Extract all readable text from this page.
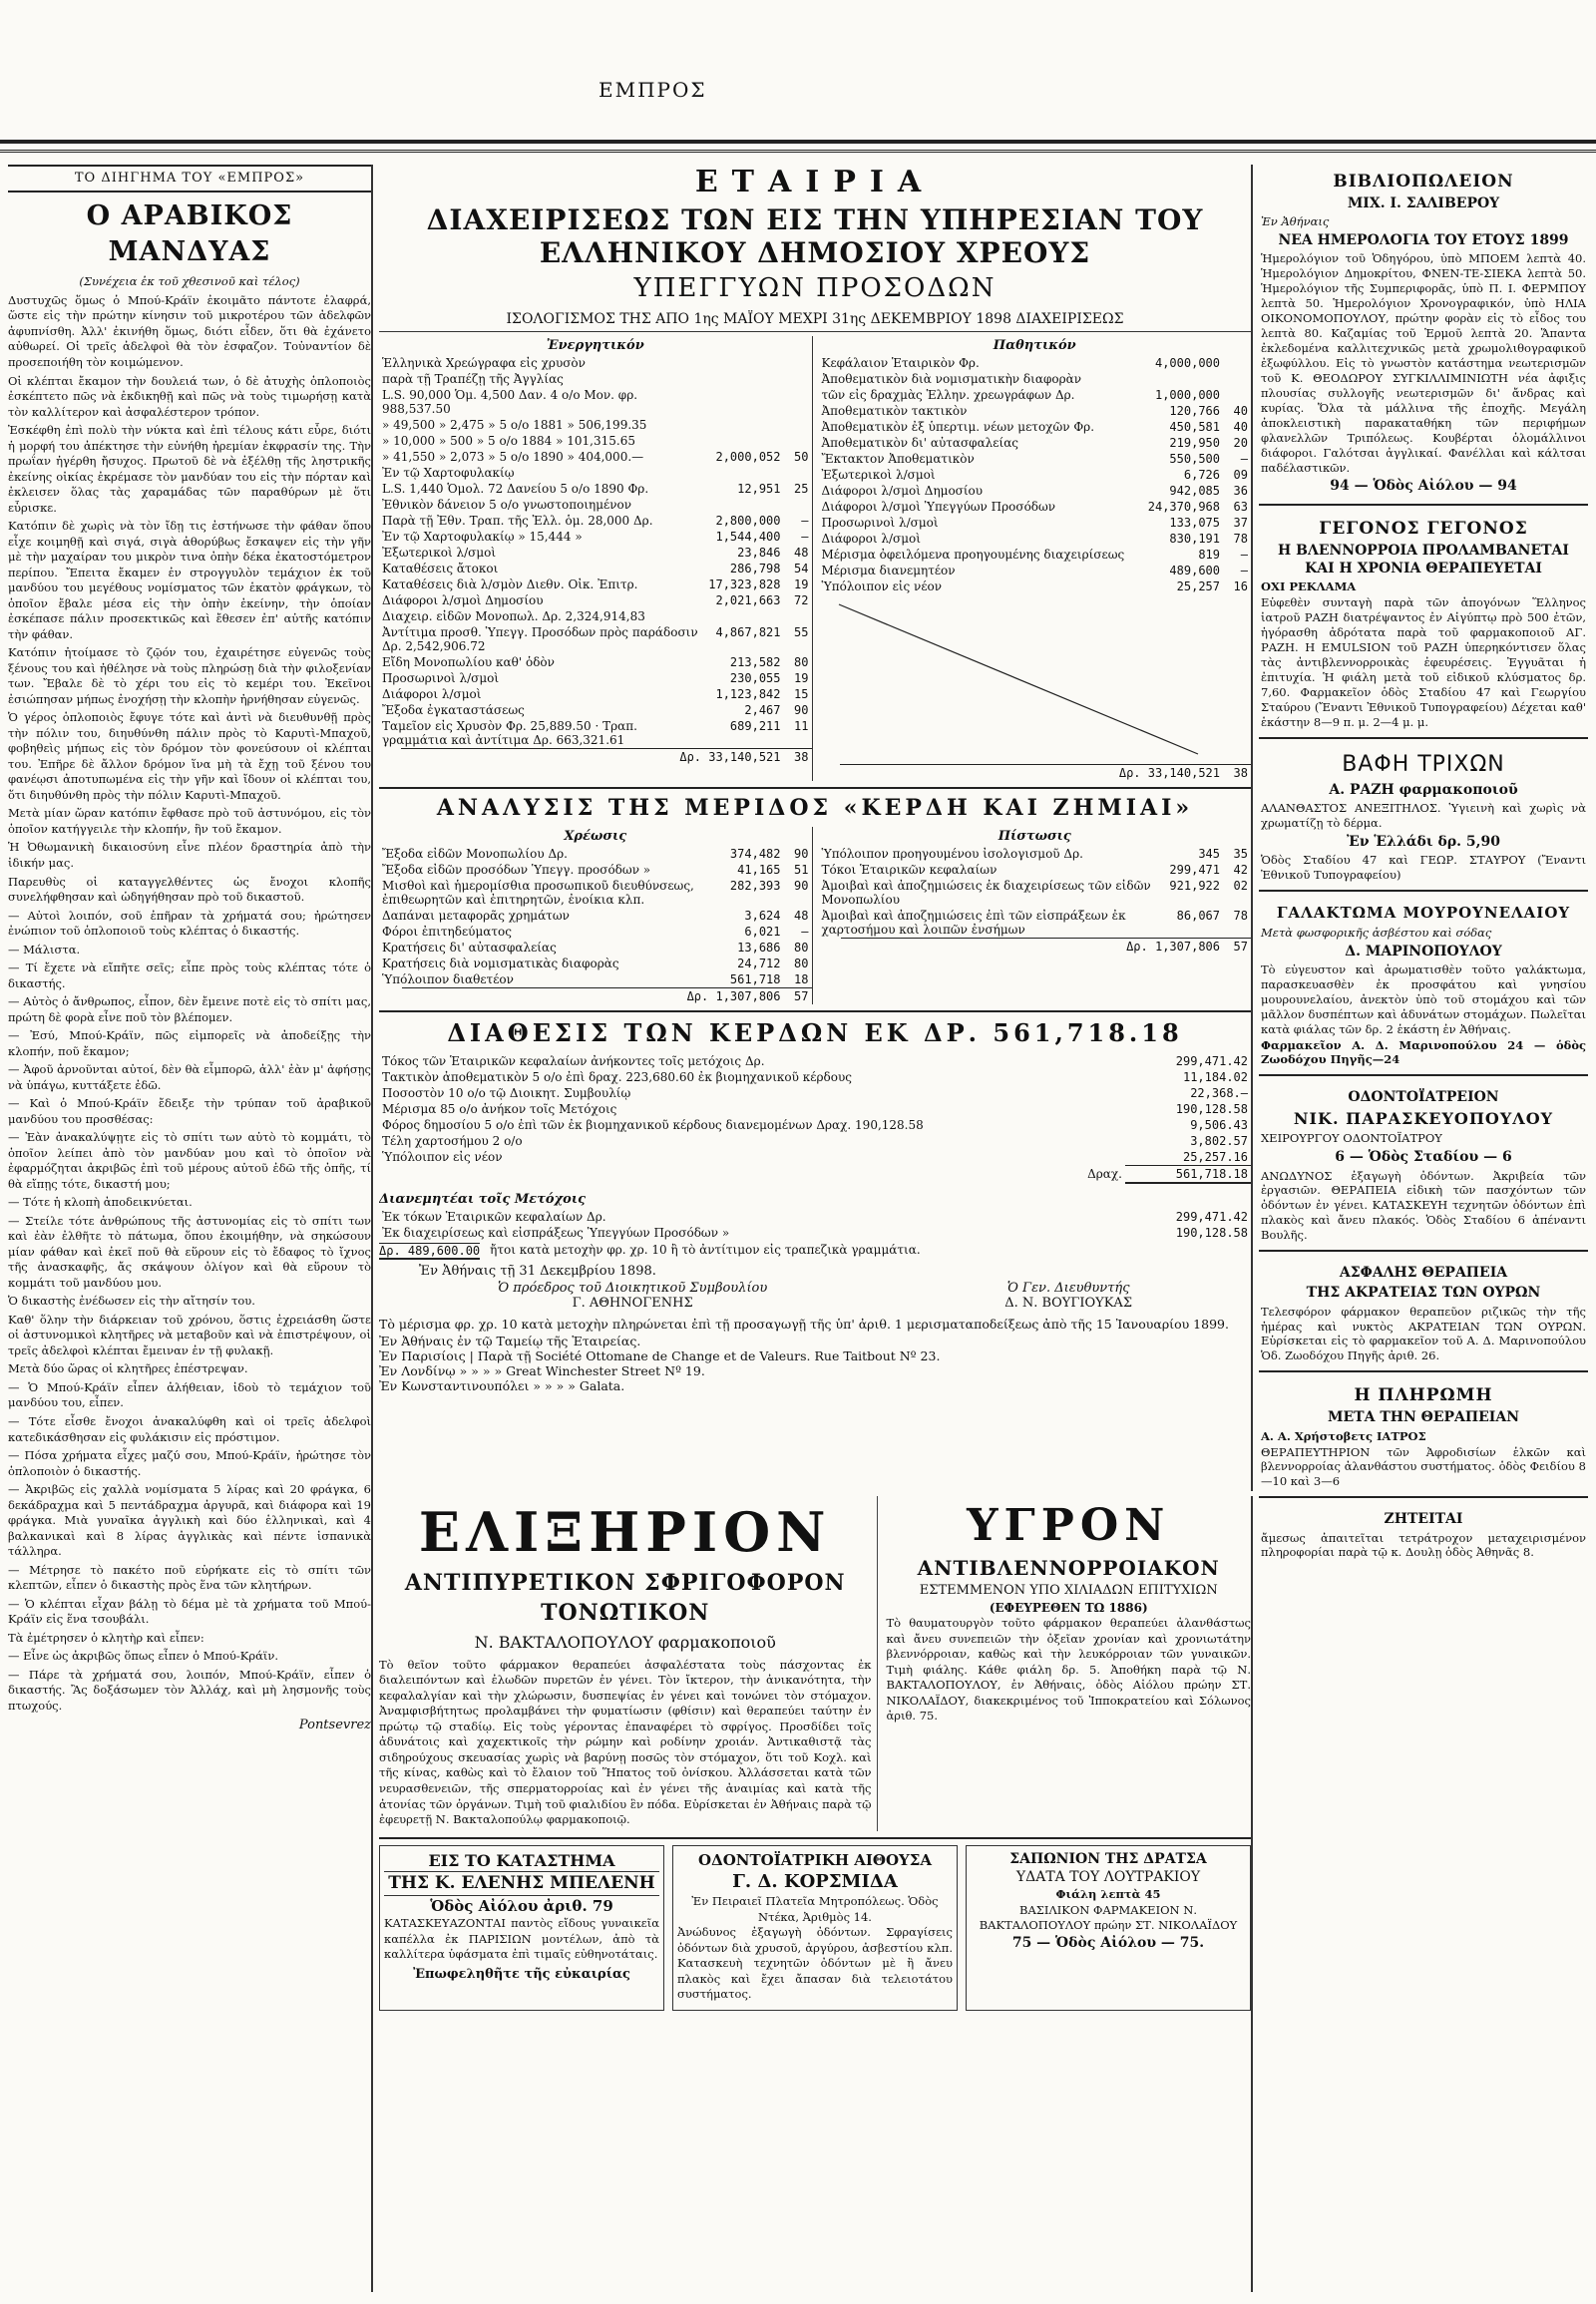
ΕΜΠΡΟΣ
ΤΟ ΔΙΗΓΗΜΑ ΤΟΥ «ΕΜΠΡΟΣ»
Ο ΑΡΑΒΙΚΟΣ ΜΑΝΔΥΑΣ

(Συνέχεια ἐκ τοῦ χθεσινοῦ καὶ τέλος)

Δυστυχῶς ὅμως ὁ Μπού-Κράϊν ἐκοιμᾶτο πάντοτε ἐλαφρά, ὥστε εἰς τὴν πρώτην κίνησιν τοῦ μικροτέρου τῶν ἀδελφῶν ἀφυπνίσθη. Ἀλλ' ἐκινήθη ὅμως, διότι εἶδεν, ὅτι θὰ ἐχάνετο αὐθωρεί. Οἱ τρεῖς ἀδελφοὶ θὰ τὸν ἐσφαζον. Τοὐναντίον δὲ προσεποιήθη τὸν κοιμώμενον.

Οἱ κλέπται ἔκαμον τὴν δουλειά των, ὁ δὲ ἀτυχὴς ὁπλοποιὸς ἐσκέπτετο πῶς νὰ ἐκδικηθῇ καὶ πῶς νὰ τοὺς τιμωρήσῃ κατὰ τὸν καλλίτερον καὶ ἀσφαλέστερον τρόπον.

Ἐσκέφθη ἐπὶ πολὺ τὴν νύκτα καὶ ἐπὶ τέλους κάτι εὗρε, διότι ἡ μορφή του ἀπέκτησε τὴν εὐνήθη ἠρεμίαν ἐκφρασίν της. Τὴν πρωΐαν ἠγέρθη ἤσυχος. Πρωτοῦ δὲ νὰ ἐξέλθῃ τῆς ληστρικῆς ἐκείνης οἰκίας ἐκρέμασε τὸν μανδύαν του εἰς τὴν πόρταν καὶ ἐκλεισεν ὅλας τὰς χαραμάδας τῶν παραθύρων μὲ ὅτι εὗρισκε.

Κατόπιν δὲ χωρὶς νὰ τὸν ἴδῃ τις ἐστήνωσε τὴν φάθαν ὅπου εἶχε κοιμηθῇ καὶ σιγά, σιγὰ ἀθορύβως ἔσκαψεν εἰς τὴν γῆν μὲ τὴν μαχαίραν του μικρὸν τινα ὀπὴν δέκα ἐκατοστόμετρον περίπου. Ἔπειτα ἔκαμεν ἐν στρογγυλὸν τεμάχιον ἐκ τοῦ μανδύου του μεγέθους νομίσματος τῶν ἑκατὸν φράγκων, τὸ ὁποῖον ἔβαλε μέσα εἰς τὴν ὀπὴν ἐκείνην, τὴν ὁποίαν ἐσκέπασε πάλιν προσεκτικῶς καὶ ἔθεσεν ἐπ' αὐτῆς κατόπιν τὴν φάθαν.

Κατόπιν ἠτοίμασε τὸ ζῷόν του, ἐχαιρέτησε εὐγενῶς τοὺς ξένους του καὶ ἠθέλησε νὰ τοὺς πληρώσῃ διὰ τὴν φιλοξενίαν των. Ἔβαλε δὲ τὸ χέρι του εἰς τὸ κεμέρι του. Ἐκεῖνοι ἐσιώπησαν μήπως ἐνοχήσῃ τὴν κλοπὴν ἠρνήθησαν εὐγενῶς.

Ὁ γέρος ὁπλοποιὸς ἔφυγε τότε καὶ ἀντὶ νὰ διευθυνθῇ πρὸς τὴν πόλιν του, διηυθύνθη πάλιν πρὸς τὸ Καρυτὶ-Μπαχοῦ, φοβηθεὶς μήπως εἰς τὸν δρόμον τὸν φονεύσουν οἱ κλέπται του. Ἐπῆρε δὲ ἄλλον δρόμον ἵνα μὴ τὰ ἔχῃ τοῦ ξένου του φανέῳσι ἀποτυπωμένα εἰς τὴν γῆν καὶ ἴδουν οἱ κλέπται του, ὅτι διηυθύνθη πρὸς τὴν πόλιν Καρυτὶ-Μπαχοῦ.

Μετὰ μίαν ὥραν κατόπιν ἔφθασε πρὸ τοῦ ἀστυνόμου, εἰς τὸν ὁποῖον κατήγγειλε τὴν κλοπήν, ἣν τοῦ ἔκαμον.

Ἡ Ὀθωμανικὴ δικαιοσύνη εἶνε πλέον δραστηρία ἀπὸ τὴν ἰδικήν μας.

Παρευθὺς οἱ καταγγελθέντες ὡς ἔνοχοι κλοπῆς συνελήφθησαν καὶ ὡδηγήθησαν πρὸ τοῦ δικαστοῦ.

— Αὐτοὶ λοιπόν, σοῦ ἐπῆραν τὰ χρήματά σου; ἠρώτησεν ἐνώπιον τοῦ ὁπλοποιοῦ τοὺς κλέπτας ὁ δικαστής.

— Μάλιστα.

— Τί ἔχετε νὰ εἴπῆτε σεῖς; εἶπε πρὸς τοὺς κλέπτας τότε ὁ δικαστής.

— Αὐτὸς ὁ ἄνθρωπος, εἶπον, δὲν ἔμεινε ποτὲ εἰς τὸ σπίτι μας, πρώτη δὲ φορὰ εἶνε ποῦ τὸν βλέπομεν.

— Ἐσύ, Μπού-Κράϊν, πῶς εἰμπορεῖς νὰ ἀποδείξῃς τὴν κλοπήν, ποῦ ἔκαμον;

— Ἀφοῦ ἀρνοῦνται αὐτοί, δὲν θὰ εἶμπορῶ, ἀλλ' ἐὰν μ' ἀφήσῃς νὰ ὑπάγω, κυττάξετε ἐδῶ.

— Καὶ ὁ Μπού-Κράϊν ἔδειξε τὴν τρύπαν τοῦ ἀραβικοῦ μανδύου του προσθέσας:

— Ἐὰν ἀνακαλύψῃτε εἰς τὸ σπίτι των αὐτὸ τὸ κομμάτι, τὸ ὁποῖον λείπει ἀπὸ τὸν μανδύαν μου καὶ τὸ ὁποῖον νὰ ἐφαρμόζηται ἀκριβῶς ἐπὶ τοῦ μέρους αὐτοῦ ἐδῶ τῆς ὀπῆς, τί θὰ εἴπῃς τότε, δικαστή μου;

— Τότε ἡ κλοπὴ ἀποδεικνύεται.

— Στείλε τότε ἀνθρώπους τῆς ἀστυνομίας εἰς τὸ σπίτι των καὶ ἐὰν ἐλθῆτε τὸ πάτωμα, ὅπου ἐκοιμήθην, νὰ σηκώσουν μίαν φάθαν καὶ ἐκεῖ ποῦ θὰ εὕρουν εἰς τὸ ἔδαφος τὸ ἴχνος τῆς ἀνασκαφῆς, ἄς σκάψουν ὀλίγον καὶ θὰ εὕρουν τὸ κομμάτι τοῦ μανδύου μου.

Ὁ δικαστὴς ἐνέδωσεν εἰς τὴν αἴτησίν του.

Καθ' ὅλην τὴν διάρκειαν τοῦ χρόνου, ὅστις ἐχρειάσθη ὥστε οἱ ἀστυνομικοὶ κλητῆρες νὰ μεταβοῦν καὶ νὰ ἐπιστρέψουν, οἱ τρεῖς ἀδελφοὶ κλέπται ἔμειναν ἐν τῇ φυλακῇ.

Μετὰ δύο ὥρας οἱ κλητῆρες ἐπέστρεψαν.

— Ὁ Μπού-Κράϊν εἶπεν ἀλήθειαν, ἰδοὺ τὸ τεμάχιον τοῦ μανδύου του, εἶπεν.

— Τότε εἶσθε ἔνοχοι ἀνακαλύφθη καὶ οἱ τρεῖς ἀδελφοὶ κατεδικάσθησαν εἰς φυλάκισιν εἰς πρόστιμον.

— Πόσα χρήματα εἶχες μαζύ σου, Μπού-Κράϊν, ἠρώτησε τὸν ὁπλοποιὸν ὁ δικαστής.

— Ἀκριβῶς εἰς χαλλὰ νομίσματα 5 λίρας καὶ 20 φράγκα, 6 δεκάδραχμα καὶ 5 πεντάδραχμα ἀργυρᾶ, καὶ διάφορα καὶ 19 φράγκα. Μιὰ γυναῖκα ἀγγλικὴ καὶ δύο ἑλληνικαὶ, καὶ 4 βαλκανικαὶ καὶ 8 λίρας ἀγγλικὰς καὶ πέντε ἰσπανικὰ τάλληρα.

— Μέτρησε τὸ πακέτο ποῦ εὑρήκατε εἰς τὸ σπίτι τῶν κλεπτῶν, εἶπεν ὁ δικαστὴς πρὸς ἕνα τῶν κλητήρων.

— Ὁ κλέπται εἶχαν βάλῃ τὸ δέμα μὲ τὰ χρήματα τοῦ Μπού-Κράϊν εἰς ἕνα τσουβάλι.

Τὰ ἐμέτρησεν ὁ κλητὴρ καὶ εἶπεν:

— Εἶνε ὡς ἀκριβῶς ὅπως εἶπεν ὁ Μπού-Κράϊν.

— Πάρε τὰ χρήματά σου, λοιπόν, Μπού-Κράϊν, εἶπεν ὁ δικαστής. Ἂς δοξάσωμεν τὸν Ἀλλάχ, καὶ μὴ λησμονῆς τοὺς πτωχούς.

Pontsevrez

ΕΤΑΙΡΙΑ
ΔΙΑΧΕΙΡΙΣΕΩΣ ΤΩΝ ΕΙΣ ΤΗΝ ΥΠΗΡΕΣΙΑΝ ΤΟΥ ΕΛΛΗΝΙΚΟΥ ΔΗΜΟΣΙΟΥ ΧΡΕΟΥΣ
ΥΠΕΓΓΥΩΝ ΠΡΟΣΟΔΩΝ
ΙΣΟΛΟΓΙΣΜΟΣ ΤΗΣ ΑΠΟ 1ης ΜΑΪΟΥ ΜΕΧΡΙ 31ης ΔΕΚΕΜΒΡΙΟΥ 1898 ΔΙΑΧΕΙΡΙΣΕΩΣ
Ἐνεργητικόν
Ἑλληνικὰ Χρεώγραφα εἰς χρυσὸν		
παρὰ τῇ Τραπέζῃ τῆς Ἀγγλίας		
L.S. 90,000 Ὁμ. 4,500 Δαν. 4 ο/ο Μον. φρ. 988,537.50		
» 49,500 » 2,475 » 5 ο/ο 1881 » 506,199.35		
» 10,000 » 500 » 5 ο/ο 1884 » 101,315.65		
» 41,550 » 2,073 » 5 ο/ο 1890 » 404,000.—	2,000,052	50
Ἐν τῷ Χαρτοφυλακίῳ		
L.S. 1,440 Ὁμολ. 72 Δανείου 5 ο/ο 1890 Φρ.	12,951	25
Ἐθνικὸν δάνειον 5 ο/ο γνωστοποιημένον		
Παρὰ τῇ Ἐθν. Τραπ. τῆς Ἑλλ. ὁμ. 28,000 Δρ.	2,800,000	—
Ἐν τῷ Χαρτοφυλακίῳ » 15,444 »	1,544,400	—
Ἐξωτερικοὶ λ/σμοὶ	23,846	48
Καταθέσεις ἄτοκοι	286,798	54
Καταθέσεις διὰ λ/σμὸν Διεθν. Οἰκ. Ἐπιτρ.	17,323,828	19
Διάφοροι λ/σμοὶ Δημοσίου	2,021,663	72
Διαχειρ. εἰδῶν Μονοπωλ. Δρ. 2,324,914,83		
Ἀντίτιμα προσθ. Ὑπεγγ. Προσόδων πρὸς παράδοσιν Δρ. 2,542,906.72	4,867,821	55
Εἴδη Μονοπωλίου καθ' ὁδὸν	213,582	80
Προσωρινοὶ λ/σμοὶ	230,055	19
Διάφοροι λ/σμοὶ	1,123,842	15
Ἔξοδα ἐγκαταστάσεως	2,467	90
Ταμεῖον εἰς Χρυσὸν Φρ. 25,889.50 · Τραπ. γραμμάτια καὶ ἀντίτιμα Δρ. 663,321.61	689,211	11
	Δρ. 33,140,521	38
Παθητικόν
Κεφάλαιον Ἑταιρικὸν Φρ.	4,000,000	
Ἀποθεματικὸν διὰ νομισματικὴν διαφορὰν		
τῶν εἰς δραχμὰς Ἑλλην. χρεωγράφων Δρ.	1,000,000	
Ἀποθεματικὸν τακτικὸν	120,766	40
Ἀποθεματικὸν ἐξ ὑπερτιμ. νέων μετοχῶν Φρ.	450,581	40
Ἀποθεματικὸν δι' αὐτασφαλείας	219,950	20
Ἔκτακτον Ἀποθεματικὸν	550,500	—
Ἐξωτερικοὶ λ/σμοὶ	6,726	09
Διάφοροι λ/σμοὶ Δημοσίου	942,085	36
Διάφοροι λ/σμοὶ Ὑπεγγύων Προσόδων	24,370,968	63
Προσωρινοὶ λ/σμοὶ	133,075	37
Διάφοροι λ/σμοὶ	830,191	78
Μέρισμα ὀφειλόμενα προηγουμένης διαχειρίσεως	819	—
Μέρισμα διανεμητέον	489,600	—
Ὑπόλοιπον εἰς νέον	25,257	16
	Δρ. 33,140,521	38
ΑΝΑΛΥΣΙΣ ΤΗΣ ΜΕΡΙΔΟΣ «ΚΕΡΔΗ ΚΑΙ ΖΗΜΙΑΙ»
Χρέωσις
Ἔξοδα εἰδῶν Μονοπωλίου Δρ.	374,482	90
Ἔξοδα εἰδῶν προσόδων Ὑπεγγ. προσόδων »	41,165	51
Μισθοὶ καὶ ἡμερομίσθια προσωπικοῦ διευθύνσεως, ἐπιθεωρητῶν καὶ ἐπιτηρητῶν, ἐνοίκια κλπ.	282,393	90
Δαπάναι μεταφορᾶς χρημάτων	3,624	48
Φόροι ἐπιτηδεύματος	6,021	—
Κρατήσεις δι' αὐτασφαλείας	13,686	80
Κρατήσεις διὰ νομισματικὰς διαφορὰς	24,712	80
Ὑπόλοιπον διαθετέον	561,718	18
	Δρ. 1,307,806	57
Πίστωσις
Ὑπόλοιπον προηγουμένου ἰσολογισμοῦ Δρ.	345	35
Τόκοι Ἑταιρικῶν κεφαλαίων	299,471	42
Ἀμοιβαὶ καὶ ἀποζημιώσεις ἐκ διαχειρίσεως τῶν εἰδῶν Μονοπωλίου	921,922	02
Ἀμοιβαὶ καὶ ἀποζημιώσεις ἐπὶ τῶν εἰσπράξεων ἐκ χαρτοσήμου καὶ λοιπῶν ἐνσήμων	86,067	78
	Δρ. 1,307,806	57
ΔΙΑΘΕΣΙΣ ΤΩΝ ΚΕΡΔΩΝ ΕΚ ΔΡ. 561,718.18
Τόκος τῶν Ἑταιρικῶν κεφαλαίων ἀνήκοντες τοῖς μετόχοις Δρ.	299,471.42
Τακτικὸν ἀποθεματικὸν 5 ο/ο ἐπὶ δραχ. 223,680.60 ἐκ βιομηχανικοῦ κέρδους	11,184.02
Ποσοστὸν 10 ο/ο τῷ Διοικητ. Συμβουλίῳ	22,368.—
Μέρισμα 85 ο/ο ἀνήκον τοῖς Μετόχοις	190,128.58
Φόρος δημοσίου 5 ο/ο ἐπὶ τῶν ἐκ βιομηχανικοῦ κέρδους διανεμομένων Δραχ. 190,128.58	9,506.43
Τέλη χαρτοσήμου 2 ο/ο	3,802.57
Ὑπόλοιπον εἰς νέον	25,257.16
Δραχ.	561,718.18
Διανεμητέαι τοῖς Μετόχοις
Ἐκ τόκων Ἑταιρικῶν κεφαλαίων Δρ.	299,471.42
Ἐκ διαχειρίσεως καὶ εἰσπράξεως Ὑπεγγύων Προσόδων »	190,128.58
Δρ. 489,600.00 ἤτοι κατὰ μετοχὴν φρ. χρ. 10 ἢ τὸ ἀντίτιμον εἰς τραπεζικὰ γραμμάτια.
Ἐν Ἀθήναις τῇ 31 Δεκεμβρίου 1898.
Ὁ πρόεδρος τοῦ Διοικητικοῦ Συμβουλίου
Γ. ΑΘΗΝΟΓΕΝΗΣ
Ὁ Γεν. Διευθυντής
Δ. Ν. ΒΟΥΓΙΟΥΚΑΣ

Τὸ μέρισμα φρ. χρ. 10 κατὰ μετοχὴν πληρώνεται ἐπὶ τῇ προσαγωγῇ τῆς ὑπ' ἀριθ. 1 μερισματαποδείξεως ἀπὸ τῆς 15 Ἰανουαρίου 1899.

Ἐν Ἀθήναις ἐν τῷ Ταμείῳ τῆς Ἑταιρείας.
Ἐν Παρισίοις | Παρὰ τῇ Société Ottomane de Change et de Valeurs. Rue Taitbout Nº 23.
Ἐν Λονδίνῳ » » » » Great Winchester Street Nº 19.
Ἐν Κωνσταντινουπόλει » » » » Galata.
ΕΛΙΞΗΡΙΟΝ
ΑΝΤΙΠΥΡΕΤΙΚΟΝ ΣΦΡΙΓΟΦΟΡΟΝ ΤΟΝΩΤΙΚΟΝ
Ν. ΒΑΚΤΑΛΟΠΟΥΛΟΥ φαρμακοποιοῦ

Τὸ θεῖον τοῦτο φάρμακον θεραπεύει ἀσφαλέστατα τοὺς πάσχοντας ἐκ διαλειπόντων καὶ ἐλωδῶν πυρετῶν ἐν γένει. Τὸν ἴκτερον, τὴν ἀνικανότητα, τὴν κεφαλαλγίαν καὶ τὴν χλώρωσιν, δυσπεψίας ἐν γένει καὶ τονώνει τὸν στόμαχον. Ἀναμφισβήτητως προλαμβάνει τὴν φυματίωσιν (φθίσιν) καὶ θεραπεύει ταύτην ἐν πρώτῳ τῷ σταδίῳ. Εἰς τοὺς γέροντας ἐπαναφέρει τὸ σφρίγος. Προσδίδει τοῖς ἀδυνάτοις καὶ χαχεκτικοῖς τὴν ρώμην καὶ ροδίνην χροιάν. Ἀντικαθιστᾷ τὰς σιδηρούχους σκευασίας χωρὶς νὰ βαρύνῃ ποσῶς τὸν στόμαχον, ὅτι τοῦ Κοχλ. καὶ τῆς κίνας, καθὼς καὶ τὸ ἔλαιον τοῦ Ἥπατος τοῦ ὀνίσκου. Ἀλλάσσεται κατὰ τῶν νευρασθενειῶν, τῆς σπερματορροίας καὶ ἐν γένει τῆς ἀναιμίας καὶ κατὰ τῆς ἀτονίας τῶν ὀργάνων. Τιμὴ τοῦ φιαλιδίου ἓν πόδα. Εὑρίσκεται ἐν Ἀθήναις παρὰ τῷ ἐφευρετῇ Ν. Βακταλοπούλῳ φαρμακοποιῷ.

ΥΓΡΟΝ
ΑΝΤΙΒΛΕΝΝΟΡΡΟΙΑΚΟΝ
ΕΣΤΕΜΜΕΝΟΝ ΥΠΟ ΧΙΛΙΑΔΩΝ ΕΠΙΤΥΧΙΩΝ
(ΕΦΕΥΡΕΘΕΝ ΤΩ 1886)

Τὸ θαυματουργὸν τοῦτο φάρμακον θεραπεύει ἀλανθάστως καὶ ἄνευ συνεπειῶν τὴν ὀξεῖαν χρονίαν καὶ χρονιωτάτην βλεννόρροιαν, καθὼς καὶ τὴν λευκόρροιαν τῶν γυναικῶν. Τιμὴ φιάλης. Κάθε φιάλη δρ. 5. Ἀποθήκη παρὰ τῷ Ν. ΒΑΚΤΑΛΟΠΟΥΛΟΥ, ἐν Ἀθήναις, ὁδὸς Αἰόλου πρώην ΣΤ. ΝΙΚΟΛΑΪΔΟΥ, διακεκριμένος τοῦ Ἰπποκρατείου καὶ Σόλωνος ἀριθ. 75.

ΕΙΣ ΤΟ ΚΑΤΑΣΤΗΜΑ
ΤΗΣ Κ. ΕΛΕΝΗΣ ΜΠΕΛΕΝΗ
Ὁδὸς Αἰόλου ἀριθ. 79

ΚΑΤΑΣΚΕΥΑΖΟΝΤΑΙ παντὸς εἴδους γυναικεῖα καπέλλα ἐκ ΠΑΡΙΣΙΩΝ μοντέλων, ἀπὸ τὰ καλλίτερα ὑφάσματα ἐπὶ τιμαῖς εὐθηνοτάταις.

Ἐπωφεληθῆτε τῆς εὐκαιρίας
ΟΔΟΝΤΟΪΑΤΡΙΚΗ ΑΙΘΟΥΣΑ
Γ. Δ. ΚΟΡΣΜΙΔΑ
Ἐν Πειραιεῖ Πλατεῖα Μητροπόλεως. Ὁδὸς Ντέκα, Ἀριθμὸς 14.

Ἀνώδυνος ἐξαγωγὴ ὀδόντων. Σφραγίσεις ὀδόντων διὰ χρυσοῦ, ἀργύρου, ἀσβεστίου κλπ. Κατασκευὴ τεχνητῶν ὀδόντων μὲ ἢ ἄνευ πλακὸς καὶ ἔχει ἄπασαν διὰ τελειοτάτου συστήματος.

ΣΑΠΩΝΙΟΝ ΤΗΣ ΔΡΑΤΣΑ
ΥΔΑΤΑ ΤΟΥ ΛΟΥΤΡΑΚΙΟΥ
Φιάλη λεπτὰ 45
ΒΑΣΙΛΙΚΟΝ ΦΑΡΜΑΚΕΙΟΝ Ν. ΒΑΚΤΑΛΟΠΟΥΛΟΥ πρώην ΣΤ. ΝΙΚΟΛΑΪΔΟΥ
75 — Ὁδὸς Αἰόλου — 75.
ΒΙΒΛΙΟΠΩΛΕΙΟΝ
ΜΙΧ. Ι. ΣΑΛΙΒΕΡΟΥ

Ἐν Ἀθήναις

ΝΕΑ ΗΜΕΡΟΛΟΓΙΑ ΤΟΥ ΕΤΟΥΣ 1899

Ἡμερολόγιον τοῦ Ὁδηγόρου, ὑπὸ ΜΠΟΕΜ λεπτὰ 40. Ἡμερολόγιον Δημοκρίτου, ΦΝΕΝ-ΤΕ-ΣΙΕΚΑ λεπτὰ 50. Ἡμερολόγιον τῆς Συμπεριφορᾶς, ὑπὸ Π. Ι. ΦΕΡΜΠΟΥ λεπτὰ 50. Ἡμερολόγιον Χρονογραφικόν, ὑπὸ ΗΛΙΑ ΟΙΚΟΝΟΜΟΠΟΥΛΟΥ, πρώτην φορὰν εἰς τὸ εἶδος του λεπτὰ 80. Καζαμίας τοῦ Ἑρμοῦ λεπτὰ 20. Ἅπαντα ἐκλεδομένα καλλιτεχνικῶς μετὰ χρωμολιθογραφικοῦ ἐξωφύλλου. Εἰς τὸ γνωστὸν κατάστημα νεωτερισμῶν τοῦ Κ. ΘΕΟΔΩΡΟΥ ΣΥΓΚΙΛΛΙΜΙΝΙΩΤΗ νέα ἀφιξις πλουσίας συλλογῆς νεωτερισμῶν δι' ἄνδρας καὶ κυρίας. Ὅλα τὰ μάλλινα τῆς ἐποχῆς. Μεγάλη ἀποκλειστικὴ παρακαταθήκη τῶν περιφήμων φλανελλῶν Τριπόλεως. Κουβέρται ὁλομάλλινοι διάφοροι. Γαλότσαι ἀγγλικαί. Φανέλλαι καὶ κάλτσαι παδέλαστικῶν.

94 — Ὁδὸς Αἰόλου — 94
ΓΕΓΟΝΟΣ ΓΕΓΟΝΟΣ
Η ΒΛΕΝΝΟΡΡΟΙΑ ΠΡΟΛΑΜΒΑΝΕΤΑΙ ΚΑΙ Η ΧΡΟΝΙΑ ΘΕΡΑΠΕΥΕΤΑΙ

ΟΧΙ ΡΕΚΛΑΜΑ

Εὐφεθὲν συνταγὴ παρὰ τῶν ἀπογόνων Ἕλληνος ἰατροῦ ΡΑΖΗ διατρέψαντος ἐν Αἰγύπτῳ πρὸ 500 ἐτῶν, ἡγόρασθη ἀδρότατα παρὰ τοῦ φαρμακοποιοῦ ΑΓ. ΡΑΖΗ. Η EMULSION τοῦ ΡΑΖΗ ὑπερηκόντισεν ὅλας τὰς ἀντιβλεννορροικὰς ἐφευρέσεις. Ἐγγυᾶται ἡ ἐπιτυχία. Ἡ φιάλη μετὰ τοῦ εἰδικοῦ κλύσματος δρ. 7,60. Φαρμακεῖον ὁδὸς Σταδίου 47 καὶ Γεωργίου Σταύρου (Ἔναντι Ἐθνικοῦ Τυπογραφείου) Δέχεται καθ' ἑκάστην 8—9 π. μ. 2—4 μ. μ.

ΒΑΦΗ ΤΡΙΧΩΝ
Α. ΡΑΖΗ φαρμακοποιοῦ

ΑΛΑΝΘΑΣΤΟΣ ΑΝΕΞΙΤΗΛΟΣ. Ὑγιεινὴ καὶ χωρὶς νὰ χρωματίζῃ τὸ δέρμα.

Ἐν Ἑλλάδι δρ. 5,90

Ὁδὸς Σταδίου 47 καὶ ΓΕΩΡ. ΣΤΑΥΡΟΥ (Ἔναντι Ἐθνικοῦ Τυπογραφείου)

ΓΑΛΑΚΤΩΜΑ ΜΟΥΡΟΥΝΕΛΑΙΟΥ

Μετὰ φωσφορικῆς ἀσβέστου καὶ σόδας

Δ. ΜΑΡΙΝΟΠΟΥΛΟΥ

Τὸ εὐγευστον καὶ ἀρωματισθὲν τοῦτο γαλάκτωμα, παρασκευασθὲν ἐκ προσφάτου καὶ γνησίου μουρουνελαίου, ἀνεκτὸν ὑπὸ τοῦ στομάχου καὶ τῶν μᾶλλον δυσπέπτων καὶ ἀδυνάτων στομάχων. Πωλεῖται κατὰ φιάλας τῶν δρ. 2 ἑκάστη ἐν Ἀθήναις.

Φαρμακεῖον Α. Δ. Μαρινοπούλου 24 — ὁδὸς Ζωοδόχου Πηγῆς—24

ΟΔΟΝΤΟΪΑΤΡΕΙΟΝ
ΝΙΚ. ΠΑΡΑΣΚΕΥΟΠΟΥΛΟΥ

ΧΕΙΡΟΥΡΓΟΥ ΟΔΟΝΤΟΪΑΤΡΟΥ

6 — Ὁδὸς Σταδίου — 6

ΑΝΩΔΥΝΟΣ ἐξαγωγὴ ὀδόντων. Ἀκριβεία τῶν ἐργασιῶν. ΘΕΡΑΠΕΙΑ εἰδικὴ τῶν πασχόντων τῶν ὀδόντων ἐν γένει. ΚΑΤΑΣΚΕΥΗ τεχνητῶν ὀδόντων ἐπὶ πλακὸς καὶ ἄνευ πλακός. Ὁδὸς Σταδίου 6 ἀπέναντι Βουλῆς.

ΑΣΦΑΛΗΣ ΘΕΡΑΠΕΙΑ
ΤΗΣ ΑΚΡΑΤΕΙΑΣ ΤΩΝ ΟΥΡΩΝ

Τελεσφόρον φάρμακον θεραπεῦον ριζικῶς τὴν τῆς ἡμέρας καὶ νυκτὸς ΑΚΡΑΤΕΙΑΝ ΤΩΝ ΟΥΡΩΝ. Εὑρίσκεται εἰς τὸ φαρμακεῖον τοῦ Α. Δ. Μαρινοπούλου Ὁδ. Ζωοδόχου Πηγῆς ἀριθ. 26.

Η ΠΛΗΡΩΜΗ
ΜΕΤΑ ΤΗΝ ΘΕΡΑΠΕΙΑΝ

Α. Α. Χρήστοβετς ΙΑΤΡΟΣ

ΘΕΡΑΠΕΥΤΗΡΙΟΝ τῶν Ἀφροδισίων ἑλκῶν καὶ βλεννορροίας ἀλανθάστου συστήματος. ὁδὸς Φειδίου 8—10 καὶ 3—6

ΖΗΤΕΙΤΑΙ

ἄμεσως ἀπαιτεῖται τετράτροχον μεταχειρισμένον πληροφορίαι παρὰ τῷ κ. Δουλῃ ὁδὸς Ἀθηνᾶς 8.
